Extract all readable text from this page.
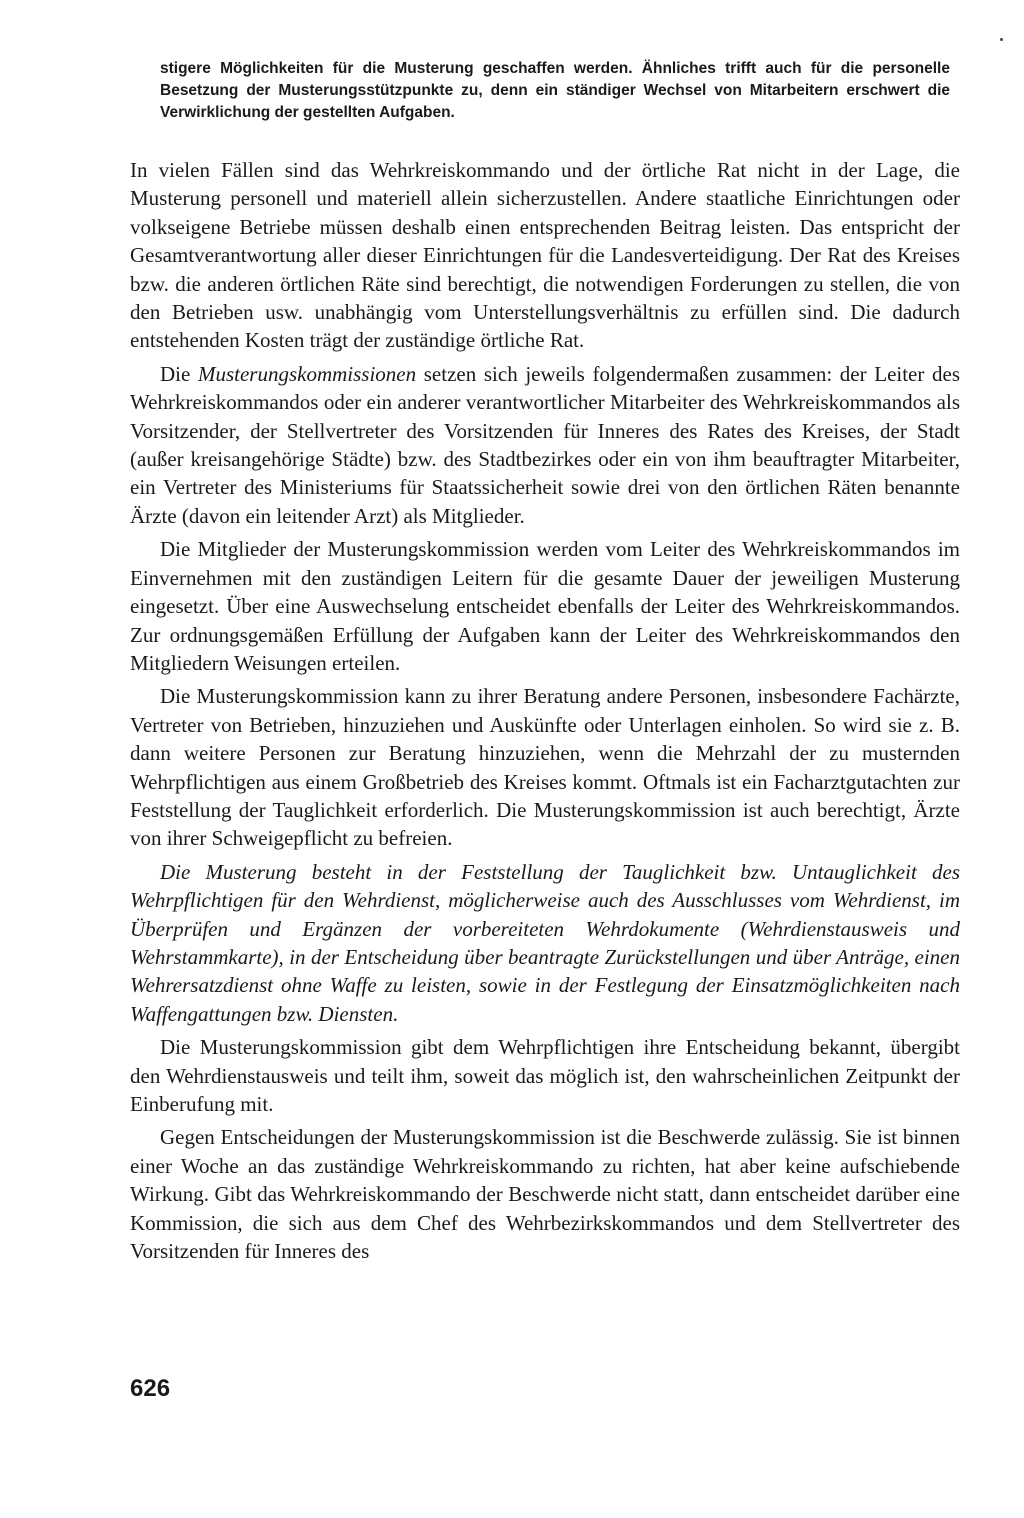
stigere Möglichkeiten für die Musterung geschaffen werden. Ähnliches trifft auch für die personelle Besetzung der Musterungsstützpunkte zu, denn ein ständiger Wechsel von Mitarbeitern erschwert die Verwirklichung der gestellten Aufgaben.

In vielen Fällen sind das Wehrkreiskommando und der örtliche Rat nicht in der Lage, die Musterung personell und materiell allein sicherzustellen. Andere staatliche Einrichtungen oder volkseigene Betriebe müssen deshalb einen entsprechenden Beitrag leisten. Das entspricht der Gesamtverantwortung aller dieser Einrichtungen für die Landesverteidigung. Der Rat des Kreises bzw. die anderen örtlichen Räte sind berechtigt, die notwendigen Forderungen zu stellen, die von den Betrieben usw. unabhängig vom Unterstellungsverhältnis zu erfüllen sind. Die dadurch entstehenden Kosten trägt der zuständige örtliche Rat.

Die Musterungskommissionen setzen sich jeweils folgendermaßen zusammen: der Leiter des Wehrkreiskommandos oder ein anderer verantwortlicher Mitarbeiter des Wehrkreiskommandos als Vorsitzender, der Stellvertreter des Vorsitzenden für Inneres des Rates des Kreises, der Stadt (außer kreisangehörige Städte) bzw. des Stadtbezirkes oder ein von ihm beauftragter Mitarbeiter, ein Vertreter des Ministeriums für Staatssicherheit sowie drei von den örtlichen Räten benannte Ärzte (davon ein leitender Arzt) als Mitglieder.

Die Mitglieder der Musterungskommission werden vom Leiter des Wehrkreiskommandos im Einvernehmen mit den zuständigen Leitern für die gesamte Dauer der jeweiligen Musterung eingesetzt. Über eine Auswechselung entscheidet ebenfalls der Leiter des Wehrkreiskommandos. Zur ordnungsgemäßen Erfüllung der Aufgaben kann der Leiter des Wehrkreiskommandos den Mitgliedern Weisungen erteilen.

Die Musterungskommission kann zu ihrer Beratung andere Personen, insbesondere Fachärzte, Vertreter von Betrieben, hinzuziehen und Auskünfte oder Unterlagen einholen. So wird sie z. B. dann weitere Personen zur Beratung hinzuziehen, wenn die Mehrzahl der zu musternden Wehrpflichtigen aus einem Großbetrieb des Kreises kommt. Oftmals ist ein Facharztgutachten zur Feststellung der Tauglichkeit erforderlich. Die Musterungskommission ist auch berechtigt, Ärzte von ihrer Schweigepflicht zu befreien.

Die Musterung besteht in der Feststellung der Tauglichkeit bzw. Untauglichkeit des Wehrpflichtigen für den Wehrdienst, möglicherweise auch des Ausschlusses vom Wehrdienst, im Überprüfen und Ergänzen der vorbereiteten Wehrdokumente (Wehrdienstausweis und Wehrstammkarte), in der Entscheidung über beantragte Zurückstellungen und über Anträge, einen Wehrersatzdienst ohne Waffe zu leisten, sowie in der Festlegung der Einsatzmöglichkeiten nach Waffengattungen bzw. Diensten.

Die Musterungskommission gibt dem Wehrpflichtigen ihre Entscheidung bekannt, übergibt den Wehrdienstausweis und teilt ihm, soweit das möglich ist, den wahrscheinlichen Zeitpunkt der Einberufung mit.

Gegen Entscheidungen der Musterungskommission ist die Beschwerde zulässig. Sie ist binnen einer Woche an das zuständige Wehrkreiskommando zu richten, hat aber keine aufschiebende Wirkung. Gibt das Wehrkreiskommando der Beschwerde nicht statt, dann entscheidet darüber eine Kommission, die sich aus dem Chef des Wehrbezirkskommandos und dem Stellvertreter des Vorsitzenden für Inneres des

626
